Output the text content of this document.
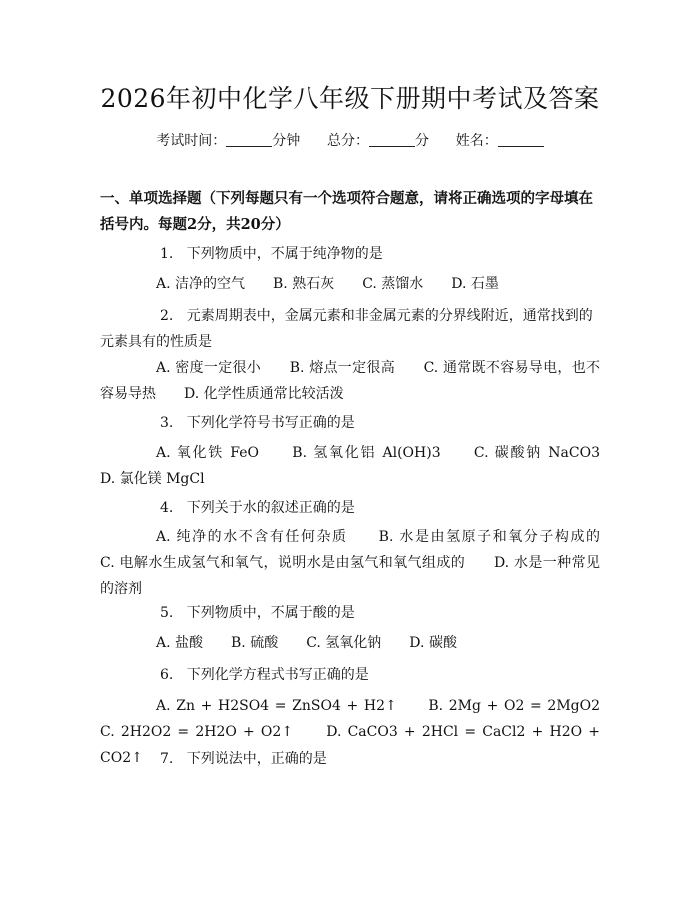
2026年初中化学八年级下册期中考试及答案
考试时间：	分钟 总分：	分 姓名：
一、单项选择题（下列每题只有一个选项符合题意，请将正确选项的字母填在括号内。每题2分，共20分）
1. 下列物质中，不属于纯净物的是
A. 洁净的空气　　B. 熟石灰　　C. 蒸馏水　　D. 石墨
2. 元素周期表中，金属元素和非金属元素的分界线附近，通常找到的元素具有的性质是
A. 密度一定很小　　B. 熔点一定很高　　C. 通常既不容易导电，也不容易导热　　D. 化学性质通常比较活泼
3. 下列化学符号书写正确的是
A. 氧化铁 FeO　　B. 氢氧化铝 Al(OH)3　　C. 碳酸钠 NaCO3　　D. 氯化镁 MgCl
4. 下列关于水的叙述正确的是
A. 纯净的水不含有任何杂质　　B. 水是由氢原子和氧分子构成的　　C. 电解水生成氢气和氧气，说明水是由氢气和氧气组成的　　D. 水是一种常见的溶剂
5. 下列物质中，不属于酸的是
A. 盐酸　　B. 硫酸　　C. 氢氧化钠　　D. 碳酸
6. 下列化学方程式书写正确的是
A. Zn + H2SO4 = ZnSO4 + H2↑　　B. 2Mg + O2 = 2MgO2　　C. 2H2O2 = 2H2O + O2↑　　D. CaCO3 + 2HCl = CaCl2 + H2O + CO2↑	7. 下列说法中，正确的是
